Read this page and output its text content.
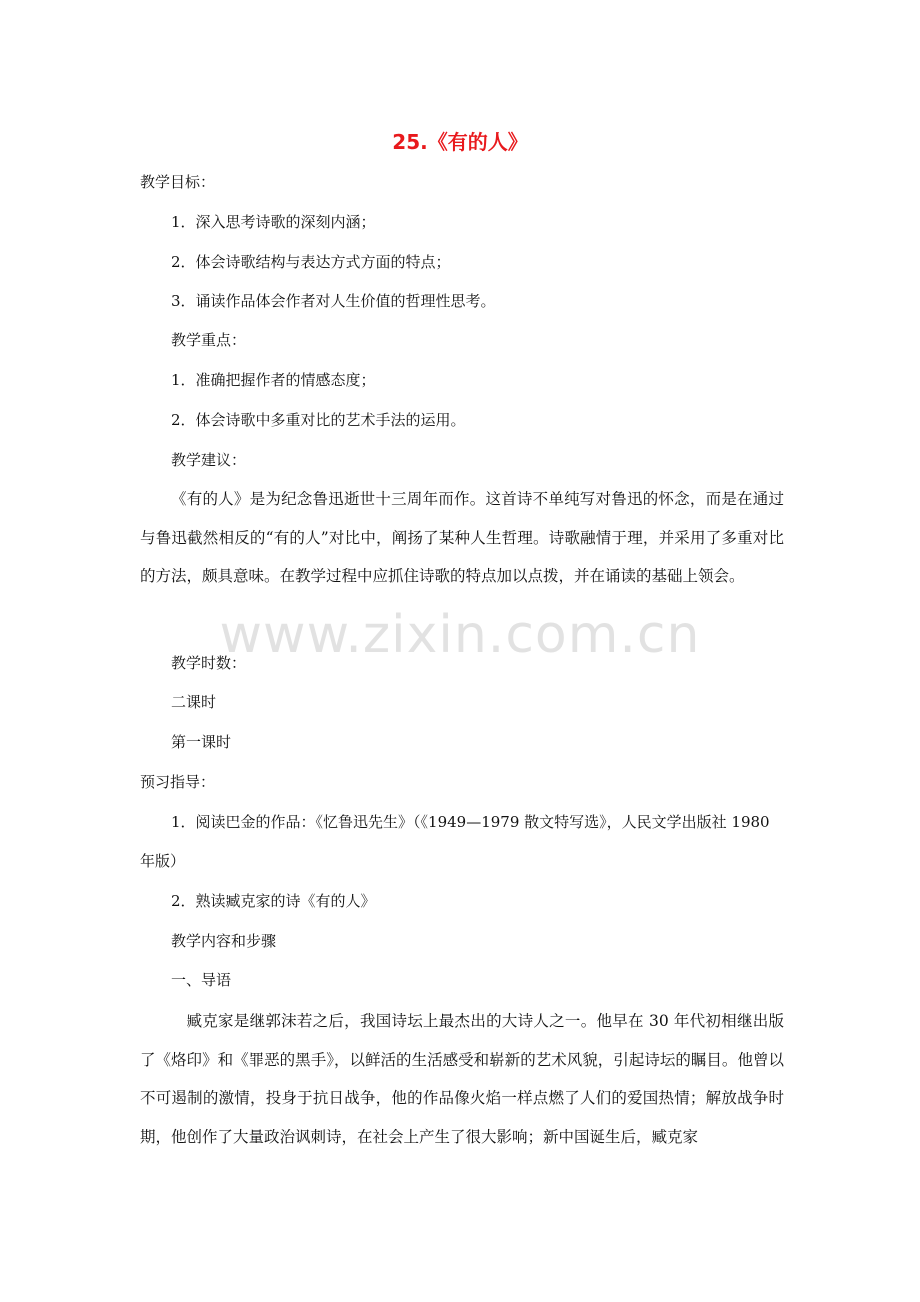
25.《有的人》
教学目标：
1．深入思考诗歌的深刻内涵；
2．体会诗歌结构与表达方式方面的特点；
3．诵读作品体会作者对人生价值的哲理性思考。
教学重点：
1．准确把握作者的情感态度；
2．体会诗歌中多重对比的艺术手法的运用。
教学建议：
《有的人》是为纪念鲁迅逝世十三周年而作。这首诗不单纯写对鲁迅的怀念，而是在通过与鲁迅截然相反的“有的人”对比中，阐扬了某种人生哲理。诗歌融情于理，并采用了多重对比的方法，颇具意味。在教学过程中应抓住诗歌的特点加以点拨，并在诵读的基础上领会。
www.zixin.com.cn
教学时数：
二课时
第一课时
预习指导：
1．阅读巴金的作品：《忆鲁迅先生》（《1949—1979 散文特写选》，人民文学出版社 1980
年版）
2．熟读臧克家的诗《有的人》
教学内容和步骤
一、导语
臧克家是继郭沫若之后，我国诗坛上最杰出的大诗人之一。他早在 30 年代初相继出版了《烙印》和《罪恶的黑手》，以鲜活的生活感受和崭新的艺术风貌，引起诗坛的瞩目。他曾以不可遏制的激情，投身于抗日战争，他的作品像火焰一样点燃了人们的爱国热情；解放战争时期，他创作了大量政治讽刺诗，在社会上产生了很大影响；新中国诞生后，臧克家
